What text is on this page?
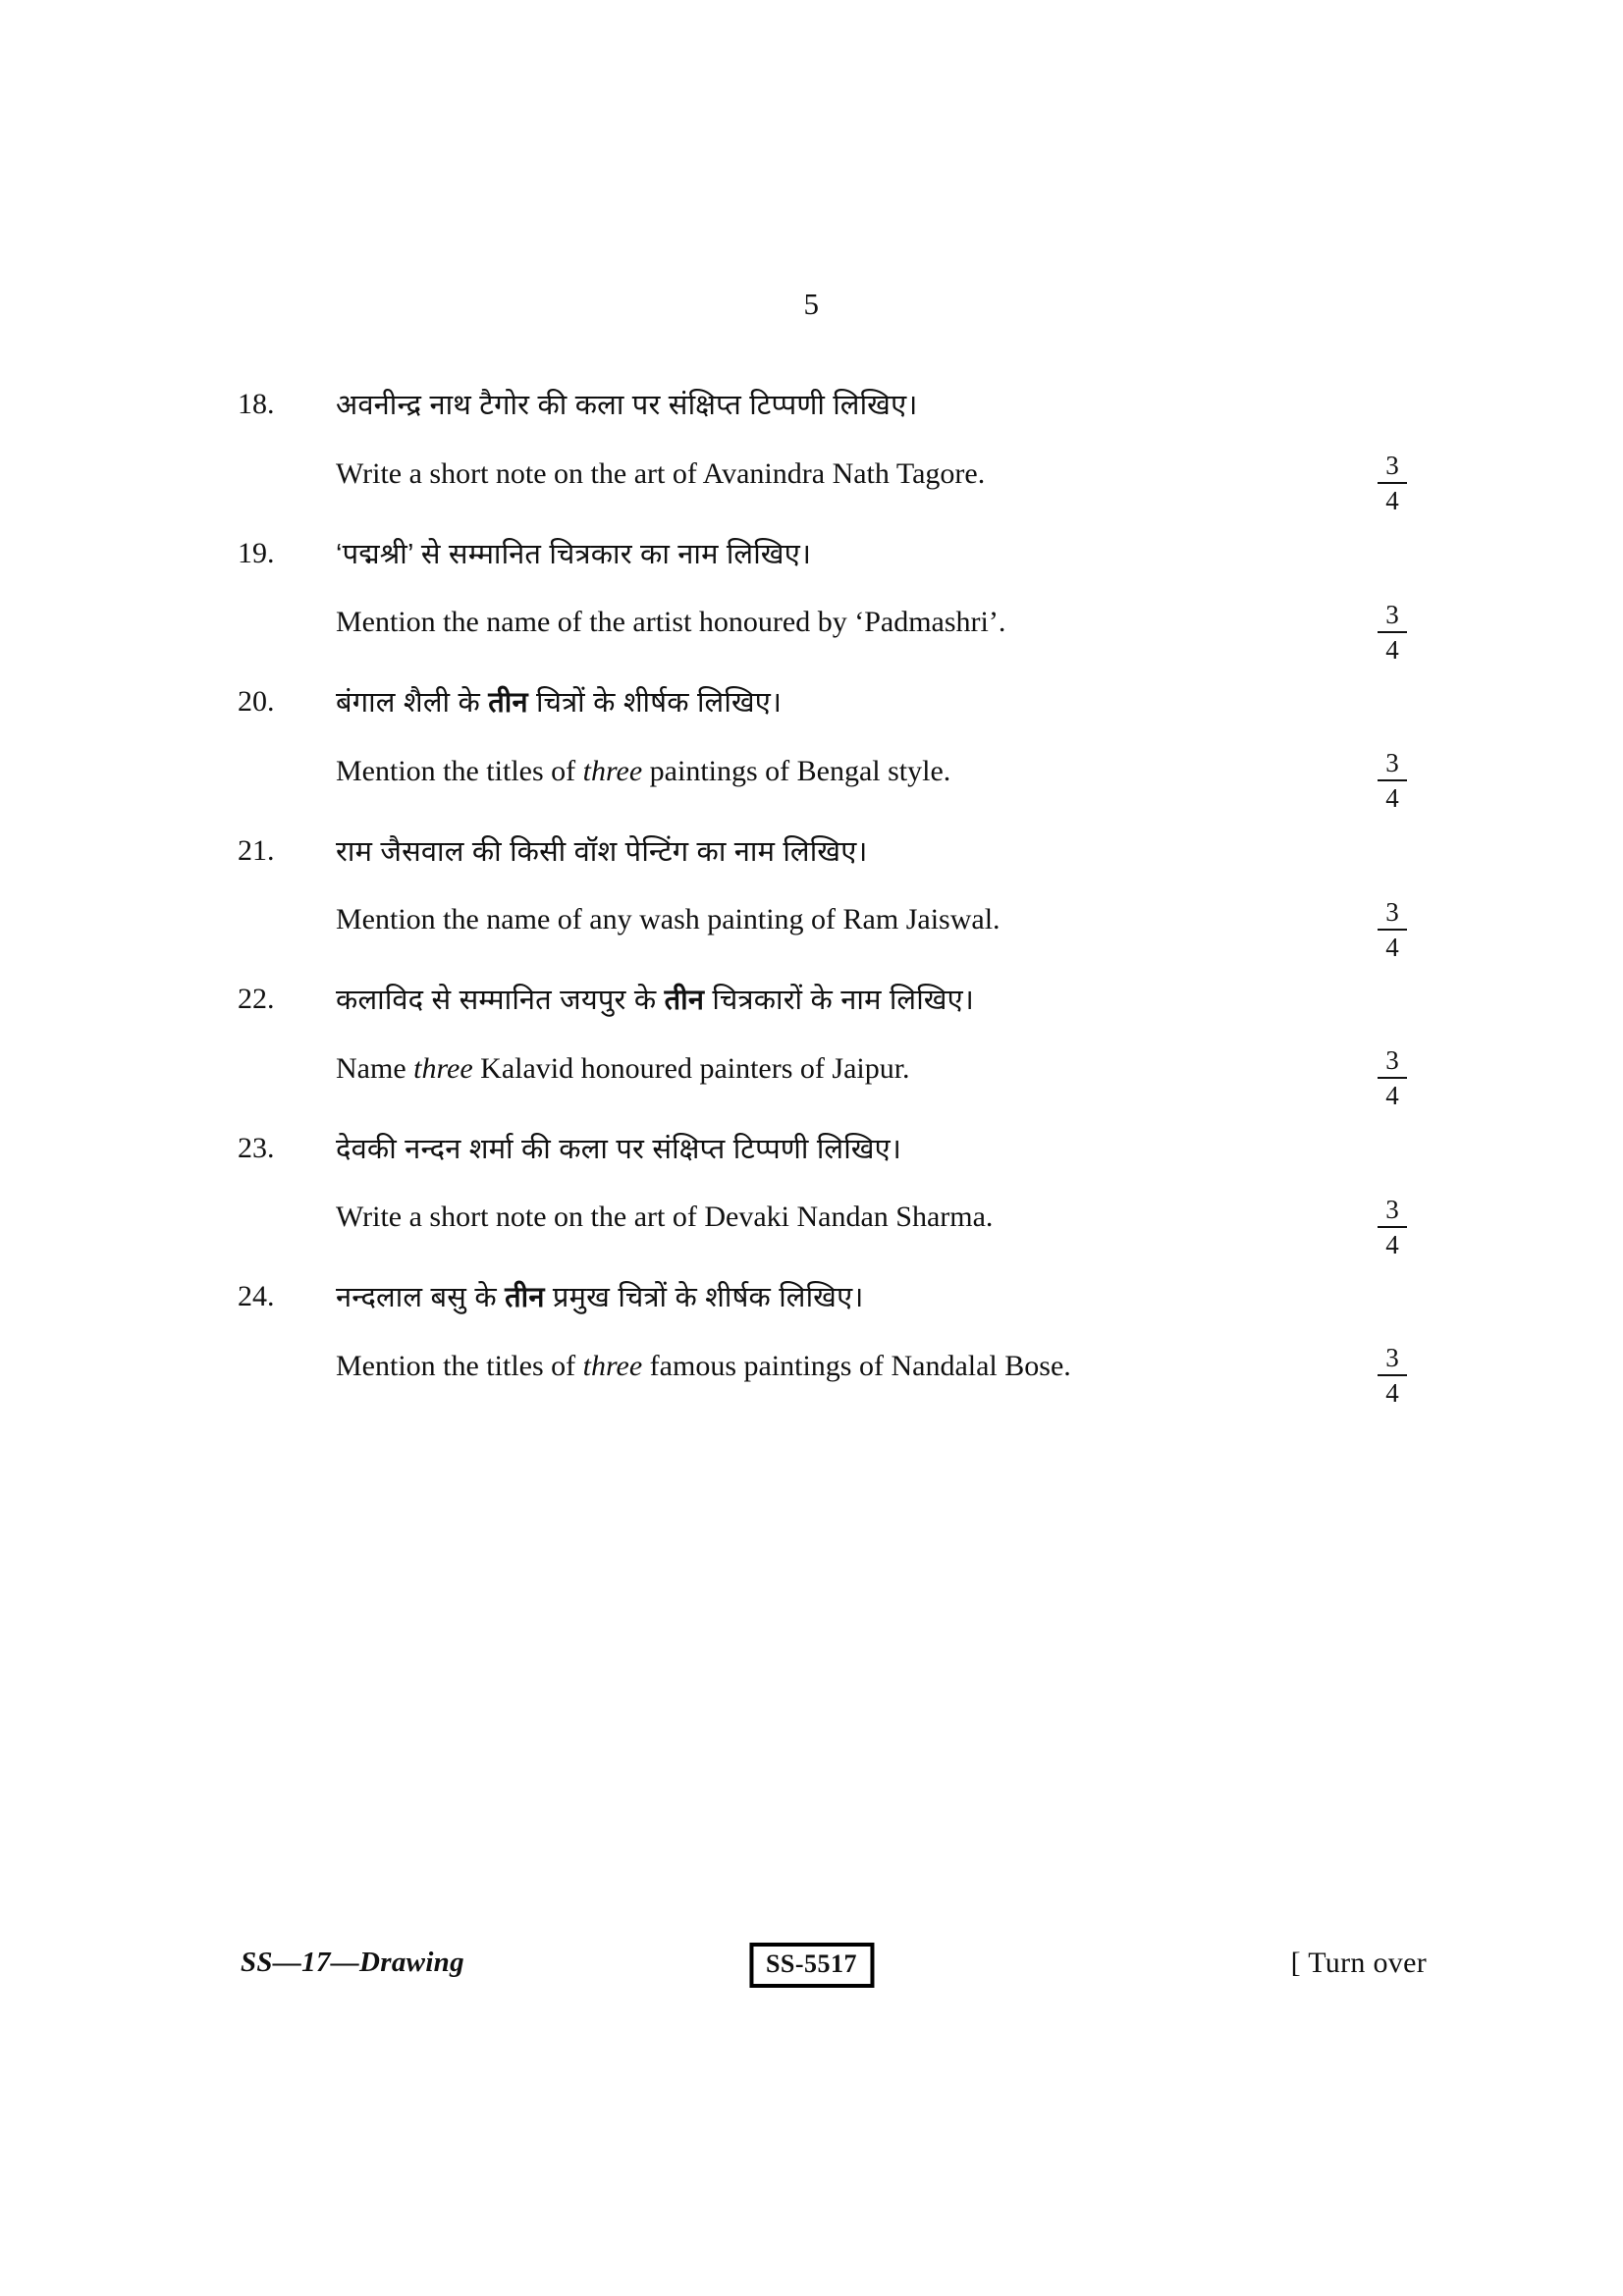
5
18.	अवनीन्द्र नाथ टैगोर की कला पर संक्षिप्त टिप्पणी लिखिए।
Write a short note on the art of Avanindra Nath Tagore.	3
4
19.	‘पद्मश्री’ से सम्मानित चित्रकार का नाम लिखिए।
Mention the name of the artist honoured by ‘Padmashri’.	3
4
20.	बंगाल शैली के तीन चित्रों के शीर्षक लिखिए।
Mention the titles of three paintings of Bengal style.	3
4
21.	राम जैसवाल की किसी वॉश पेन्टिंग का नाम लिखिए।
Mention the name of any wash painting of Ram Jaiswal.	3
4
22.	कलाविद से सम्मानित जयपुर के तीन चित्रकारों के नाम लिखिए।
Name three Kalavid honoured painters of Jaipur.	3
4
23.	देवकी नन्दन शर्मा की कला पर संक्षिप्त टिप्पणी लिखिए।
Write a short note on the art of Devaki Nandan Sharma.	3
4
24.	नन्दलाल बसु के तीन प्रमुख चित्रों के शीर्षक लिखिए।
Mention the titles of three famous paintings of Nandalal Bose.	3
4
SS—17—Drawing	SS-5517	[ Turn over
